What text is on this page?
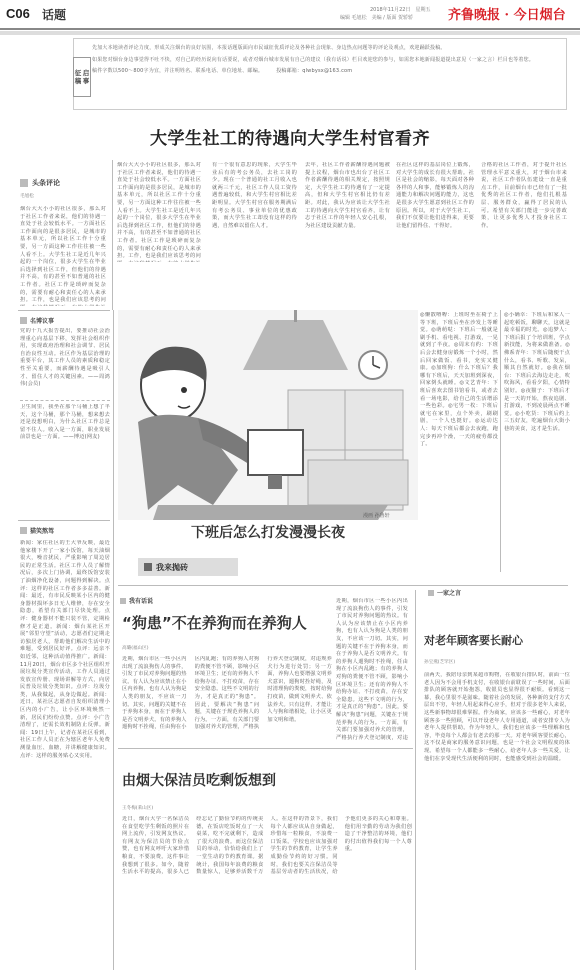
C06 话题	2018年11月22日　星期五
编辑 毛旭松　美编 / 版面 贺轿轿	齐鲁晚报 · 今日烟台
征 启
稿 事
先加大本地读者评论力度，形成关注烟台的良好氛围，本报话题版面向市民诚征优质评论及各种社会现象、身边热点问题等的评论及观点，欢迎踊跃投稿。
如果您对烟台身边事觉得不吐不快，对自己的经历说向有话要说，或者对烟台城市发展有自己的建议（我有话说）栏目欢迎您的参与，如需您本地新闻报道提出意见（一家之言）栏目也等着您。
稿件字数以500～800字为宜，并注明姓名、联系电话、单位地址、邮编。　　　投稿邮箱：qlwbysx@163.com
大学生社工的待遇向大学生村官看齐
头条评论
毛旭松
烟台大大小小的社区很多，那么对于社区工作者来说，他们的待遇一直处于社会较低水平。一方面社区工作面向的是很多居民，是城市的基本单元，所以社区工作十分重要，另一方面这种工作往往被一些人看不上。大学生社工是近几年兴起的一个岗位，很多大学生在毕业后选择到社区工作，但他们的待遇并不高，有的甚至不如普通的社区工作者。社区工作是琐碎而复杂的，需要有耐心和责任心的人来承担。工作，也是我们应该思考的问
烟台大大小小的社区很多，那么对于社区工作者来说，他们的待遇一直处于社会较低水平。一方面社区工作面向的是很多居民，是城市的基本单元，所以社区工作十分重要，另一方面这种工作往往被一些人看不上。大学生社工是近几年兴起的一个岗位，很多大学生在毕业后选择到社区工作，但他们的待遇并不高，有的甚至不如普通的社区工作者。社区工作是琐碎而复杂的，需要有耐心和责任心的人来承担。工作，也是我们应该思考的问
有一个很有意思的现象，大学生毕业后有的考公务员，去社工岗的少。现在一个普通的社工月收入也就两三千元，社区工作人员工资待遇普遍较低，和大学生村官相比差距明显。大学生村官在服务期满后有考公务员、事业单位的优惠政策，而大学生社工却没有这样的待遇，自然难以留住人才。
去年，社区工作者薪酬待遇问题被提上议程，烟台市也出台了社区工作者薪酬待遇的相关规定，按照规定，大学生社工的待遇有了一定提高，但和大学生村官相比仍有差距。对此，我认为应该让大学生社工的待遇向大学生村官看齐，让有志于社区工作的年轻人安心扎根，为社区建设贡献力量。
在社区这样的基层岗位上锻炼，对大学生的成长有很大帮助。社区是社会的缩影，每天面对各种各样的人和事，能够锻炼人的沟通能力和解决问题的能力，这也是很多大学生愿意到社区工作的原因。所以，对于大学生社工，我们不仅要让他们进得来，更要让他们留得住、干得好。
合格的社区工作者，对于提升社区管理水平意义重大，对于烟台市来说，社区工作者队伍建设一直是重点工作，目前烟台市已经有了一批优秀的社区工作者，他们扎根基层、服务群众，赢得了居民的认可。希望有关部门能进一步完善政策，让更多优秀人才投身社区工作。
名博议事
党的十九大报告提出，要推动社会治理重心向基层下移，发挥社会组织作用，实现政府治理和社会调节、居民自治良性互动。社区作为基层治理的重要平台，其工作人员的素质和稳定性至关重要，而薪酬待遇是吸引人才、留住人才的关键因素。——周鸿伟(会员)
卫生间里，我坐在那个马桶上想了半天，这个马桶，那个马桶，想来想去还是没想明白，为什么社区工作总是留不住人。收入是一方面，职业发展前景也是一方面。——博迈(网友)
猫笑熬驾
新闻：家住社区的王大爷反映，最近他家楼下开了一家小饭馆，每天油烟很大，噪音扰民，严重影响了周边居民的正常生活。社区工作人员了解情况后，多次上门协调，最终饭馆安装了油烟净化设备，问题得到解决。点评：这样的社区工作者多多益善。新闻：最近，有市民反映某小区内的健身器材损坏多日无人维修，存在安全隐患，希望有关部门尽快处理。点评：健身器材不能只装不管，定期检修才是正道。新闻：烟台某社区开展“邻里守望”活动，志愿者们定期走访独居老人，帮助他们解决生活中的难题，受到居民好评。点评：远亲不如近邻，这种活动值得推广。新闻：11月20日，烟台市区多个社区组织开展垃圾分类宣传活动，工作人员通过发放宣传册、现场讲解等方式，向居民普及垃圾分类知识。点评：垃圾分类，从我做起，从身边做起。新闻：近日，某社区志愿者自发组织清理小区内的小广告，让小区环境焕然一新，居民们纷纷点赞。点评：小广告清理了，还需长效机制防止反弹。新闻：19日上午，记者在某社区看到，社区工作人员正在为辖区老年人免费测量血压、血糖，并讲解健康知识。点评：这样的服务贴心又实用。
漫画 孙鲁轩
下班后怎么打发漫漫长夜
我来抛砖
◎懒散嘚嘚：上班时坐在椅子上等下班，下班后坐在沙发上等睡觉。◎萌萌哒：下班后一般就是刷手机、看电视、打游戏，一晃就到了半夜。◎周末有约：下班后会去健身房锻炼一个小时，然后回家做饭、看书，充实又健康。◎加班狗：什么下班后？我哪有下班后，天天加班到深夜，回家倒头就睡。◎文艺青年：下班后喜欢去图书馆看书，或者去看一场电影，给自己的生活增添一些色彩。◎宅男一枚：下班后就宅在家里，点个外卖，刷刷剧，一个人也挺好。◎运动达人：每天下班后都会去夜跑，跑完步再冲个澡，一天的疲劳都没了。
◎小确幸：下班后和家人一起吃顿饭，聊聊天，这就是最幸福的时光。◎追梦人：下班后报了个培训班，学点新技能，为将来做准备。◎佛系青年：下班后随便干点什么，看书、听歌、发呆，顺其自然就好。◎我在烟台：下班后去海边走走，吹吹海风，看看夕阳，心情特别好。◎夜猫子：下班后才是一天的开始，熬夜追剧、打游戏，不到凌晨两点不睡觉。◎小吃货：下班后约上三五好友，吃遍烟台大街小巷的美食，这才是生活。
我有话说
“狗患”不在养狗而在养狗人
高璐(福山区)
近期，烟台市区一些小区内出现了流浪狗伤人的事件，引发了市民对养狗问题的热议。有人认为应该禁止在小区内养狗，也有人认为狗是人类的朋友，不应该一刀切。其实，问题的关键不在于养狗本身，而在于养狗人是否文明养犬。有的养狗人遛狗时不拴绳，任由狗在小区内乱跑；有的养狗人对狗的粪便不管不顾，影响小区环境卫生；还有的养狗人不给狗办证、不打疫苗，存在安全隐患。这些不文明的行为，才是真正的“狗患”。因此，要解决“狗患”问题，关键在于规范养狗人的行为。一方面，有关部门要加强对养犬的管理，严格执行养犬登记制度，对违规养犬行为进行处罚；另一方面，养狗人也要增强文明养犬意识，遛狗时拴好绳，及时清理狗的粪便，按时给狗打疫苗，做到文明养犬、依法养犬。只有这样，才能让人与狗和谐相处，让小区更加文明和谐。
近期，烟台市区一些小区内出现了流浪狗伤人的事件，引发了市民对养狗问题的热议。有人认为应该禁止在小区内养狗，也有人认为狗是人类的朋友，不应该一刀切。其实，问题的关键不在于养狗本身，而在于养狗人是否文明养犬。有的养狗人遛狗时不拴绳，任由狗在小区内乱跑；有的养狗人对狗的粪便不管不顾，影响小区环境卫生；还有的养狗人不给狗办证、不打疫苗，存在安全隐患。这些不文明的行为，才是真正的“狗患”。因此，要解决“狗患”问题，关键在于规范养狗人的行为。一方面，有关部门要加强对养犬的管理，严格执行养犬登记制度，对违
由烟大保洁员吃剩饭想到
王冬梅(莱山区)
近日，烟台大学一名保洁员在食堂吃学生剩饭的照片在网上流传，引发网友热议。有网友为保洁员的节俭点赞，也有网友呼吁大家珍惜粮食，不要浪费。这件事让我想到了很多。如今，随着生活水平的提高，很多人已经忘记了勤俭节约的传统美德，在饭店吃饭时点了一大桌菜，吃不完就剩下，造成了很大的浪费。而这位保洁员的举动，恰恰给我们上了一堂生动的节约教育课。据统计，我国每年浪费的粮食数量惊人，足够养活数千万人。在这样的背景下，我们每个人都应该从自身做起，珍惜每一粒粮食，不浪费一口饭菜。学校也应该加强对学生的节约教育，让学生养成勤俭节约的好习惯。同时，我们也要关注保洁员等基层劳动者的生活状况，给予他们更多的关心和尊重。他们用辛勤的劳动为我们创造了干净整洁的环境，他们的付出值得我们每一个人尊重。
一家之言
对老年顾客要长耐心
孙宝燕(芝罘区)
前两天，我陪母亲到某超市购物，在收银台排队时，前面一位老人因为不会用手机支付，在收银台前耽误了一些时间，后面排队的顾客就开始抱怨，收银员也显得很不耐烦。看到这一幕，我心里很不是滋味。随着社会的发展，各种新的支付方式层出不穷，年轻人用起来得心应手，但对于很多老年人来说，这些新事物却很难掌握。作为商家，应该多一些耐心，对老年顾客多一些照顾，可以开设老年人专用通道，或者安排专人为老年人提供帮助。作为年轻人，我们也应该多一些理解和包容，毕竟每个人都会有老去的那一天。对老年顾客要长耐心，这不仅是商家的服务意识问题，也是一个社会文明程度的体现。希望每一个人都能多一些耐心，给老年人多一些关爱，让他们在享受现代生活便利的同时，也能感受到社会的温暖。
